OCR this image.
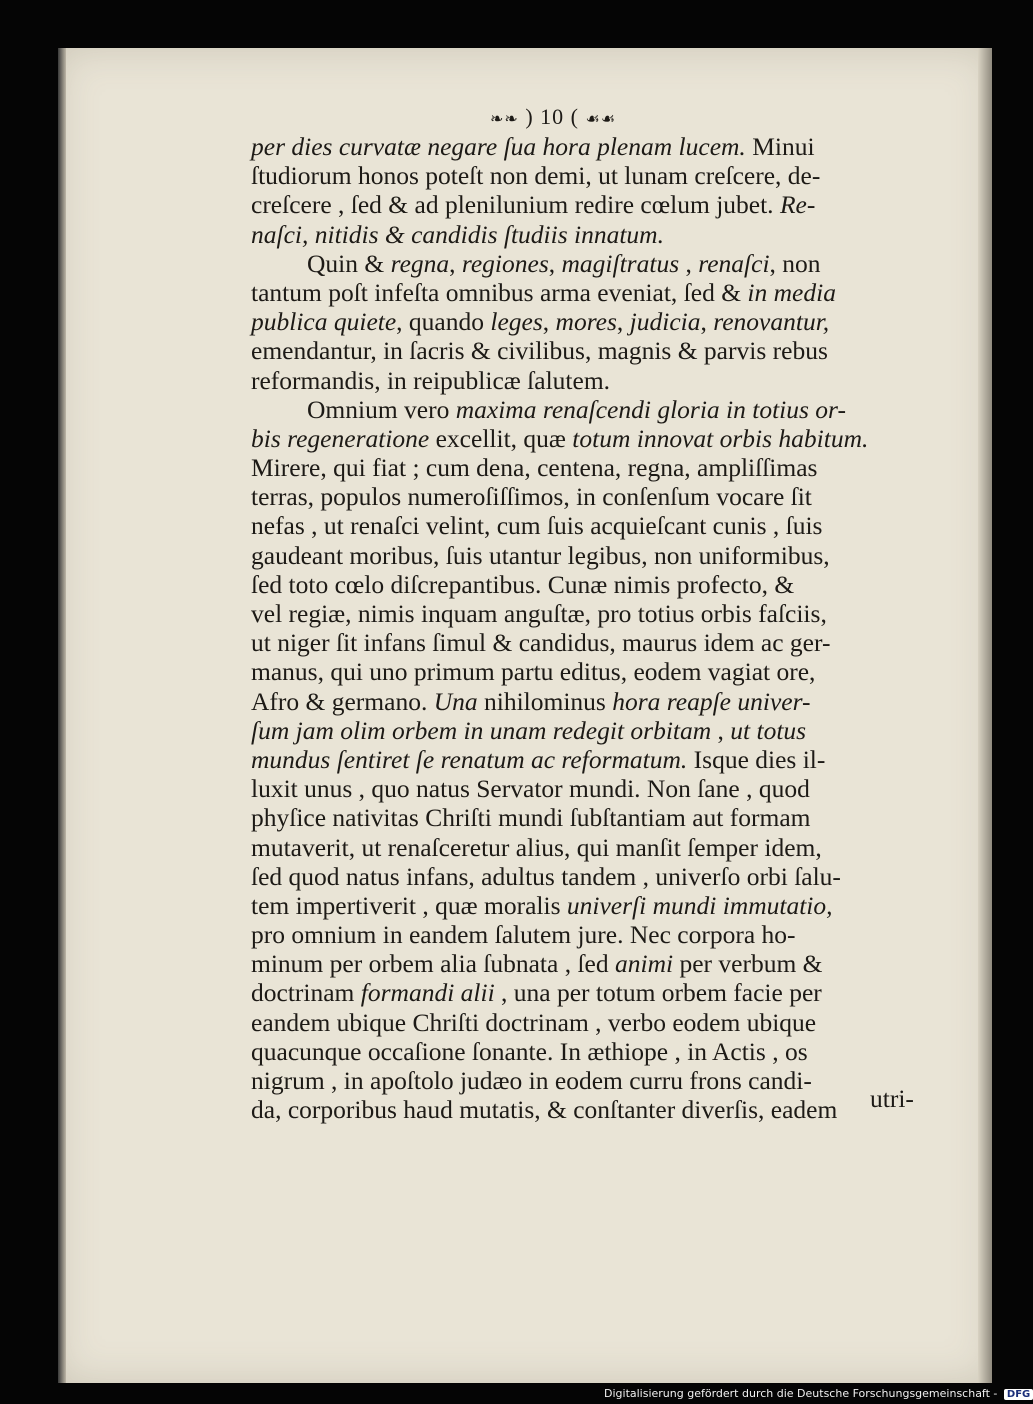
❧❧ ) 10 ( ☙☙
per dies curvatæ negare ſua hora plenam lucem. Minui
ſtudiorum honos poteſt non demi, ut lunam creſcere, de-
creſcere , ſed & ad plenilunium redire cœlum jubet. Re-
naſci, nitidis & candidis ſtudiis innatum.
Quin & regna, regiones, magiſtratus , renaſci, non
tantum poſt infeſta omnibus arma eveniat, ſed & in media
publica quiete, quando leges, mores, judicia, renovantur,
emendantur, in ſacris & civilibus, magnis & parvis rebus
reformandis, in reipublicæ ſalutem.
Omnium vero maxima renaſcendi gloria in totius or-
bis regeneratione excellit, quæ totum innovat orbis habitum.
Mirere, qui fiat ; cum dena, centena, regna, ampliſſimas
terras, populos numeroſiſſimos, in conſenſum vocare ſit
nefas , ut renaſci velint, cum ſuis acquieſcant cunis , ſuis
gaudeant moribus, ſuis utantur legibus, non uniformibus,
ſed toto cœlo diſcrepantibus. Cunæ nimis profecto, &
vel regiæ, nimis inquam anguſtæ, pro totius orbis faſciis,
ut niger ſit infans ſimul & candidus, maurus idem ac ger-
manus, qui uno primum partu editus, eodem vagiat ore,
Afro & germano. Una nihilominus hora reapſe univer-
ſum jam olim orbem in unam redegit orbitam , ut totus
mundus ſentiret ſe renatum ac reformatum. Isque dies il-
luxit unus , quo natus Servator mundi. Non ſane , quod
phyſice nativitas Chriſti mundi ſubſtantiam aut formam
mutaverit, ut renaſceretur alius, qui manſit ſemper idem,
ſed quod natus infans, adultus tandem , univerſo orbi ſalu-
tem impertiverit , quæ moralis univerſi mundi immutatio,
pro omnium in eandem ſalutem jure. Nec corpora ho-
minum per orbem alia ſubnata , ſed animi per verbum &
doctrinam formandi alii , una per totum orbem facie per
eandem ubique Chriſti doctrinam , verbo eodem ubique
quacunque occaſione ſonante. In æthiope , in Actis , os
nigrum , in apoſtolo judæo in eodem curru frons candi-
da, corporibus haud mutatis, & conſtanter diverſis, eadem	utri-
Digitalisierung gefördert durch die Deutsche Forschungsgemeinschaft - DFG
